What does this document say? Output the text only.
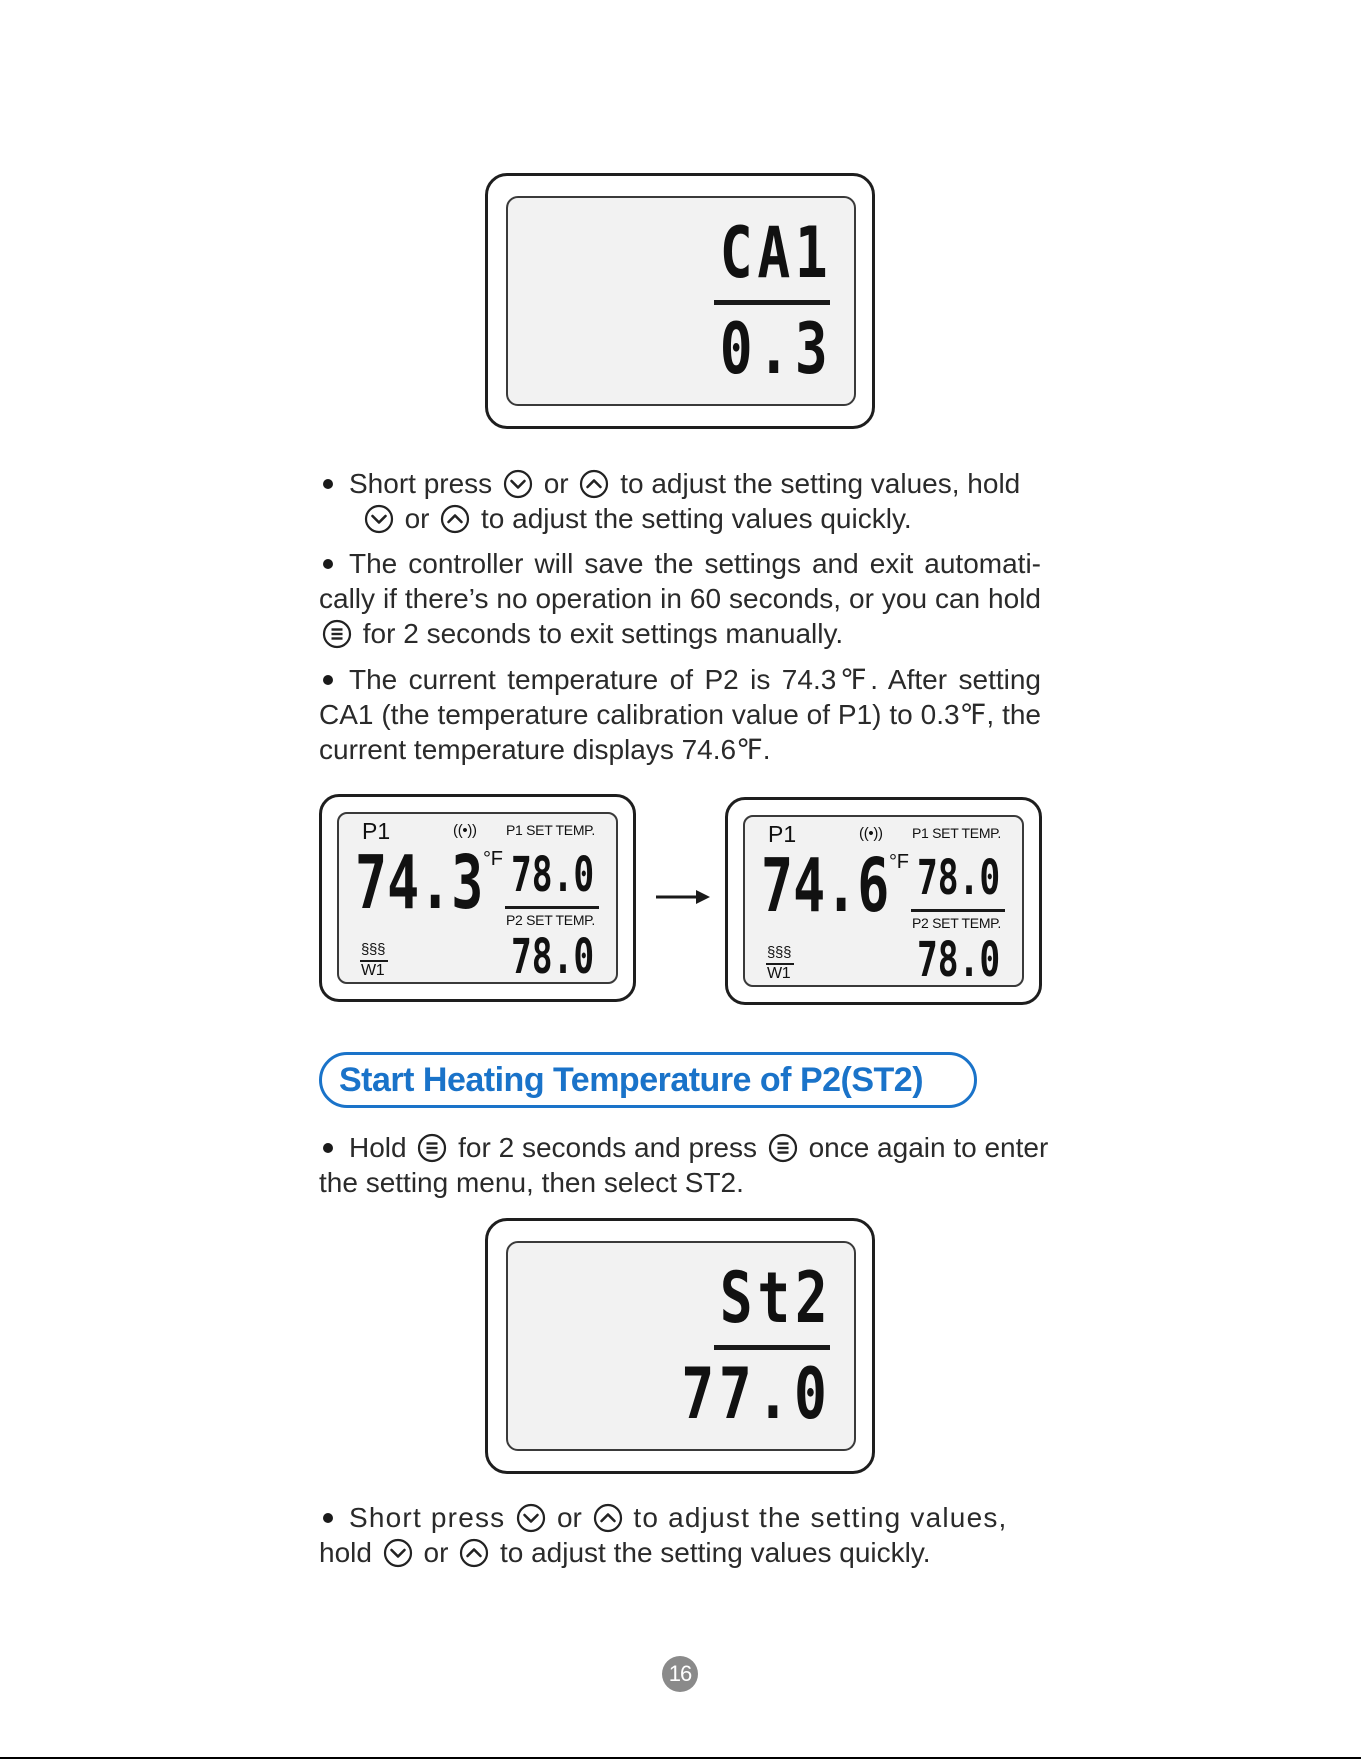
CA1
0.3
Short press or to adjust the setting values, hold
or to adjust the setting values quickly.
The controller will save the settings and exit automati-cally if there’s no operation in 60 seconds, or you can hold  for 2 seconds to exit settings manually.
The current temperature of P2 is 74.3℉. After setting CA1 (the temperature calibration value of P1) to 0.3℉, the current temperature displays 74.6℉.
P1	((•)) P1 SET TEMP.
74.3 °F 78.0
P2 SET TEMP.
78.0
§§§
W1
P1	((•)) P1 SET TEMP.
74.6 °F 78.0
P2 SET TEMP.
78.0
§§§
W1
Start Heating Temperature of P2(ST2)
Hold for 2 seconds and press once again to enter the setting menu, then select ST2.
St2
77.0
Short press or to adjust the setting values,
hold or to adjust the setting values quickly.
16
